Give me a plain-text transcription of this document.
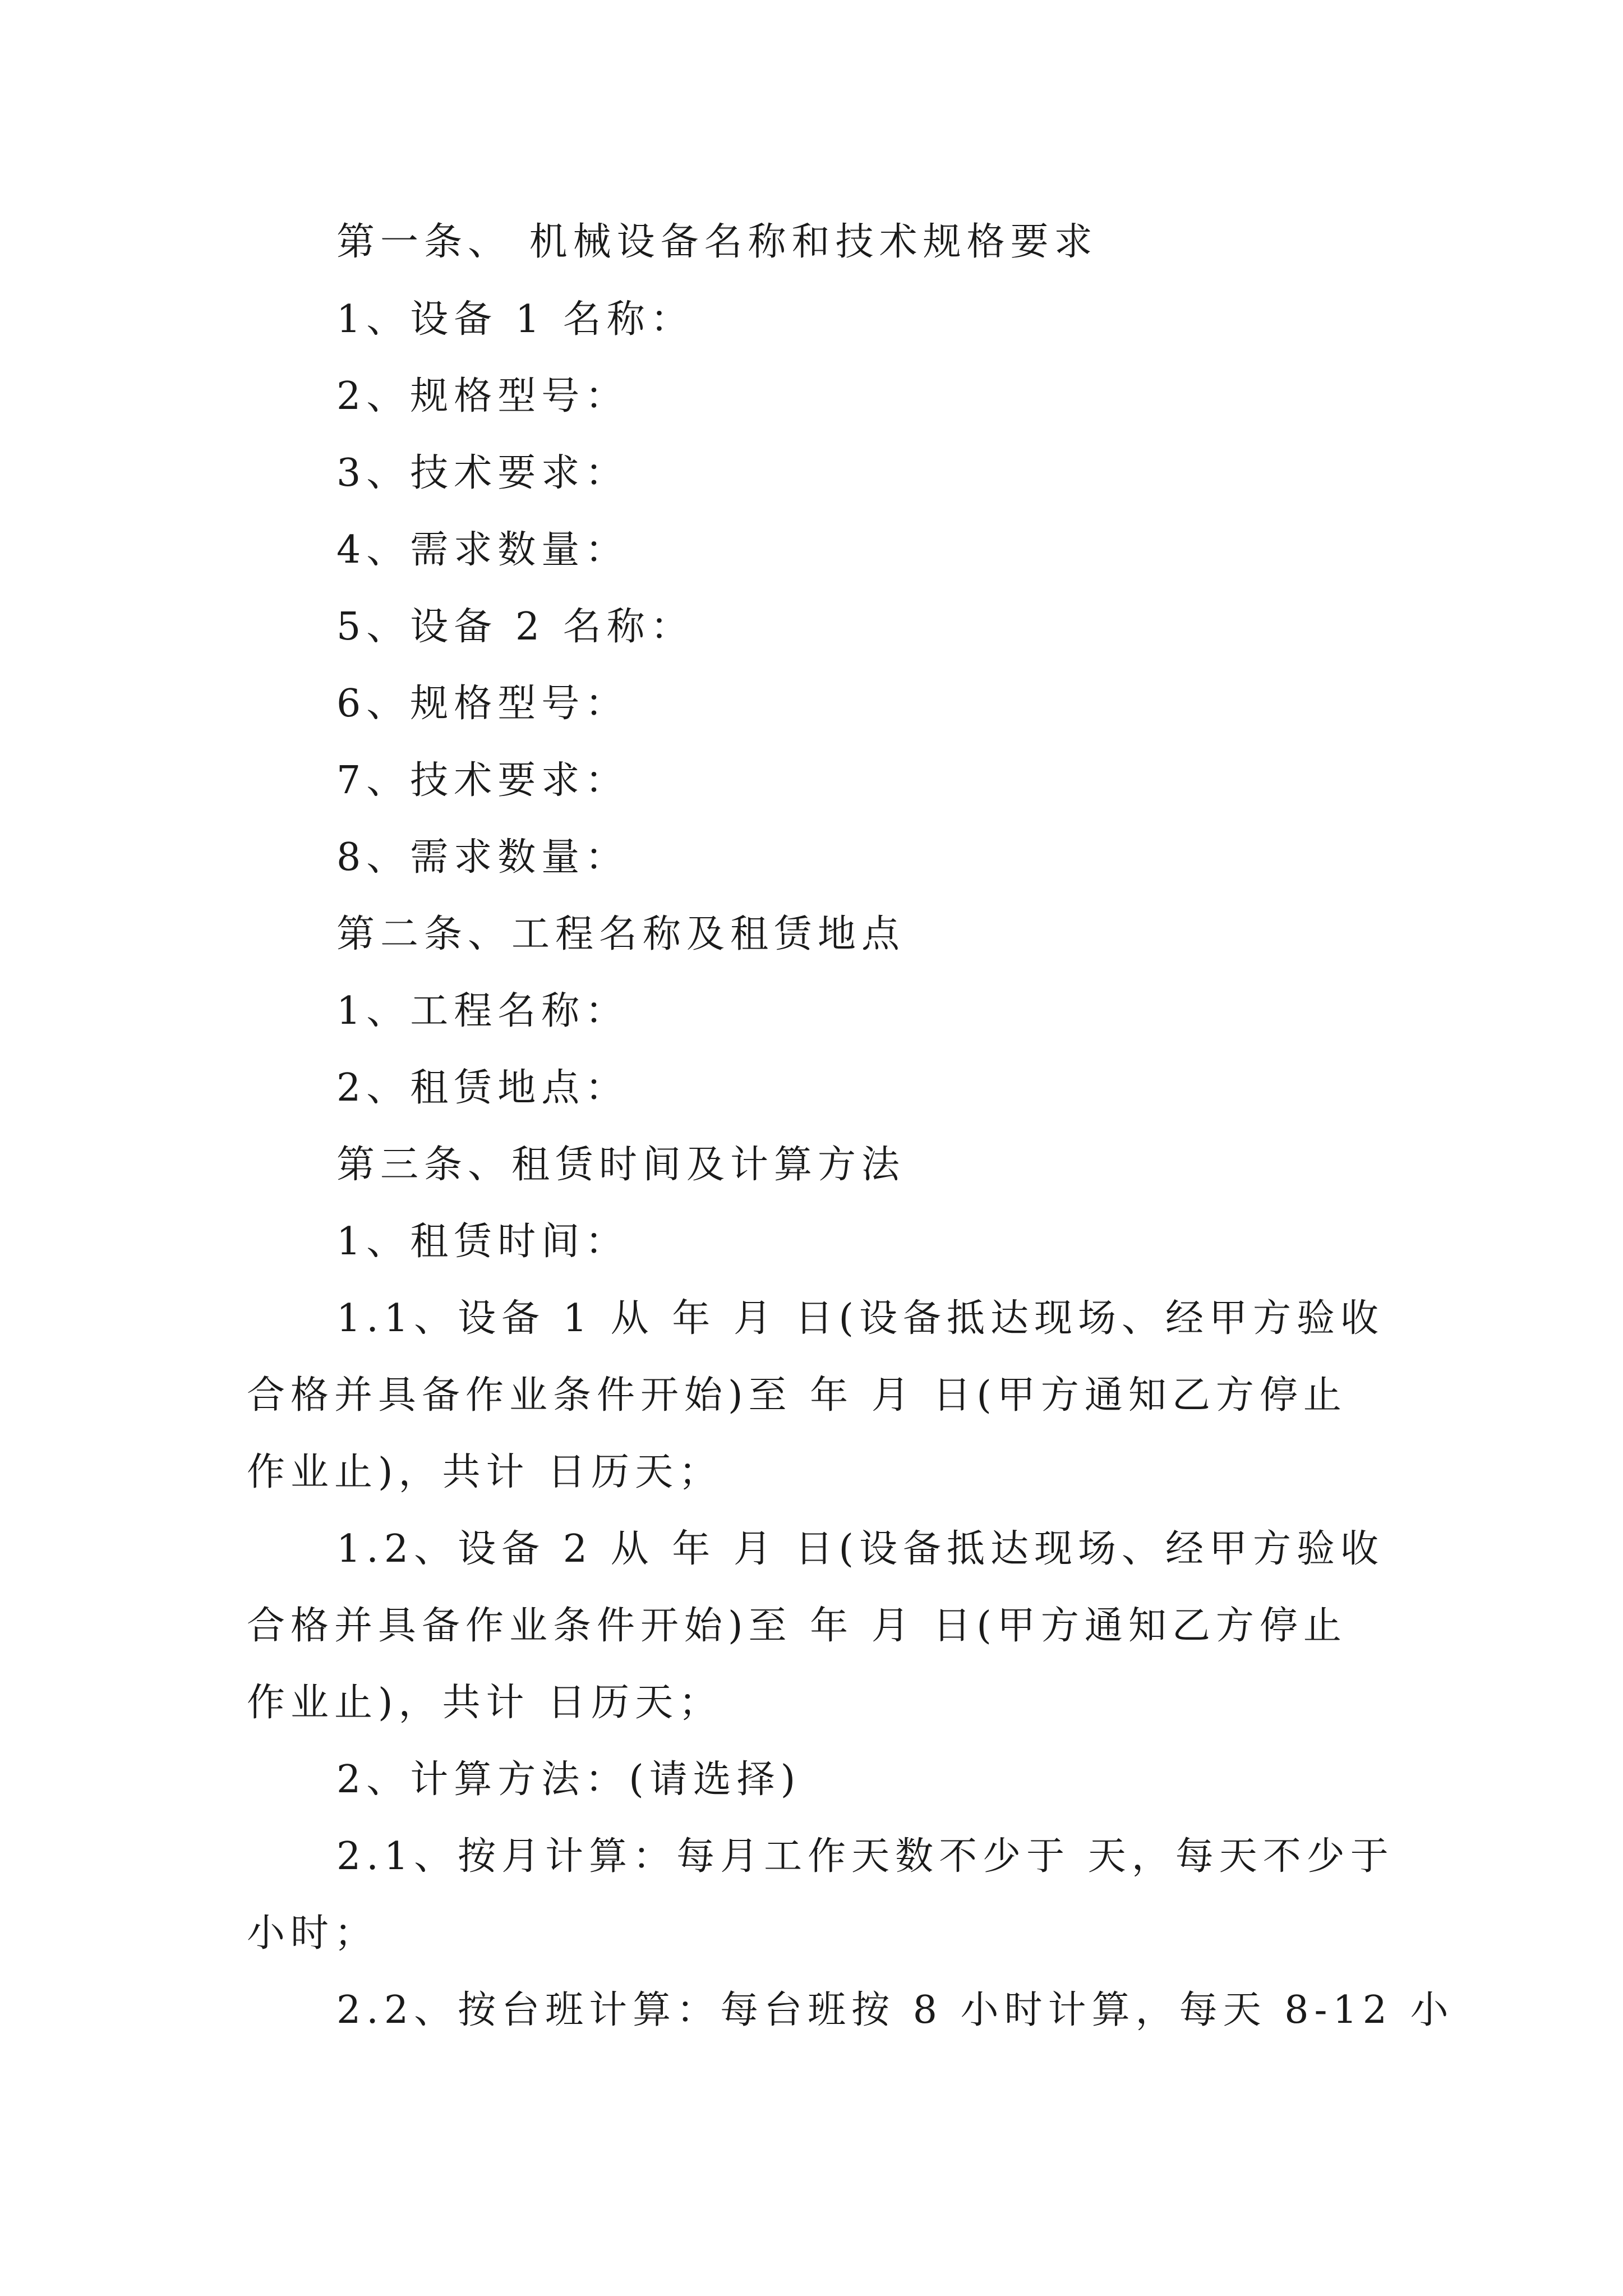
第一条、 机械设备名称和技术规格要求
1、设备 1 名称：
2、规格型号：
3、技术要求：
4、需求数量：
5、设备 2 名称：
6、规格型号：
7、技术要求：
8、需求数量：
第二条、工程名称及租赁地点
1、工程名称：
2、租赁地点：
第三条、租赁时间及计算方法
1、租赁时间：
1.1、设备 1 从 年 月 日(设备抵达现场、经甲方验收
合格并具备作业条件开始)至 年 月 日(甲方通知乙方停止
作业止)，共计 日历天；
1.2、设备 2 从 年 月 日(设备抵达现场、经甲方验收
合格并具备作业条件开始)至 年 月 日(甲方通知乙方停止
作业止)，共计 日历天；
2、计算方法：(请选择)
2.1、按月计算：每月工作天数不少于 天，每天不少于
小时；
2.2、按台班计算：每台班按 8 小时计算，每天 8-12 小
